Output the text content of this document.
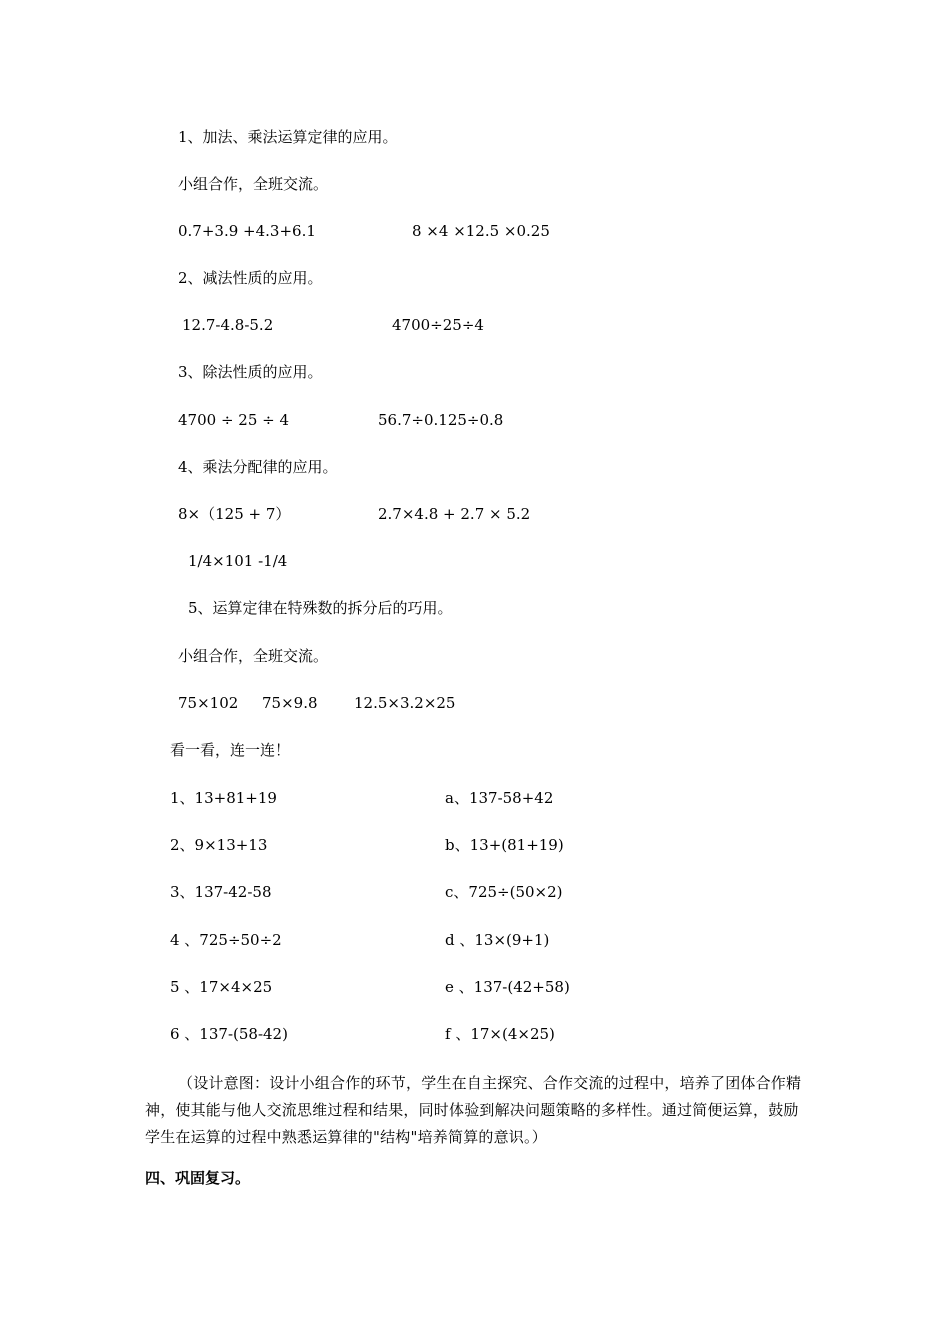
1、加法、乘法运算定律的应用。
小组合作，全班交流。
0.7+3.9 +4.3+6.1	8 ×4 ×12.5 ×0.25
2、减法性质的应用。
12.7-4.8-5.2	4700÷25÷4
3、除法性质的应用。
4700 ÷ 25 ÷ 4	56.7÷0.125÷0.8
4、乘法分配律的应用。
8×（125 + 7）	2.7×4.8 + 2.7 × 5.2
1/4×101 -1/4
5、运算定律在特殊数的拆分后的巧用。
小组合作，全班交流。
75×102 75×9.8 12.5×3.2×25
看一看，连一连！
1、13+81+19	a、137-58+42
2、9×13+13	b、13+(81+19)
3、137-42-58	c、725÷(50×2)
4 、725÷50÷2	d 、13×(9+1)
5 、17×4×25	e 、137-(42+58)
6 、137-(58-42)	f 、17×(4×25)
（设计意图：设计小组合作的环节，学生在自主探究、合作交流的过程中，培养了团体合作精神，使其能与他人交流思维过程和结果，同时体验到解决问题策略的多样性。通过简便运算，鼓励学生在运算的过程中熟悉运算律的"结构"培养简算的意识。）
四、巩固复习。
